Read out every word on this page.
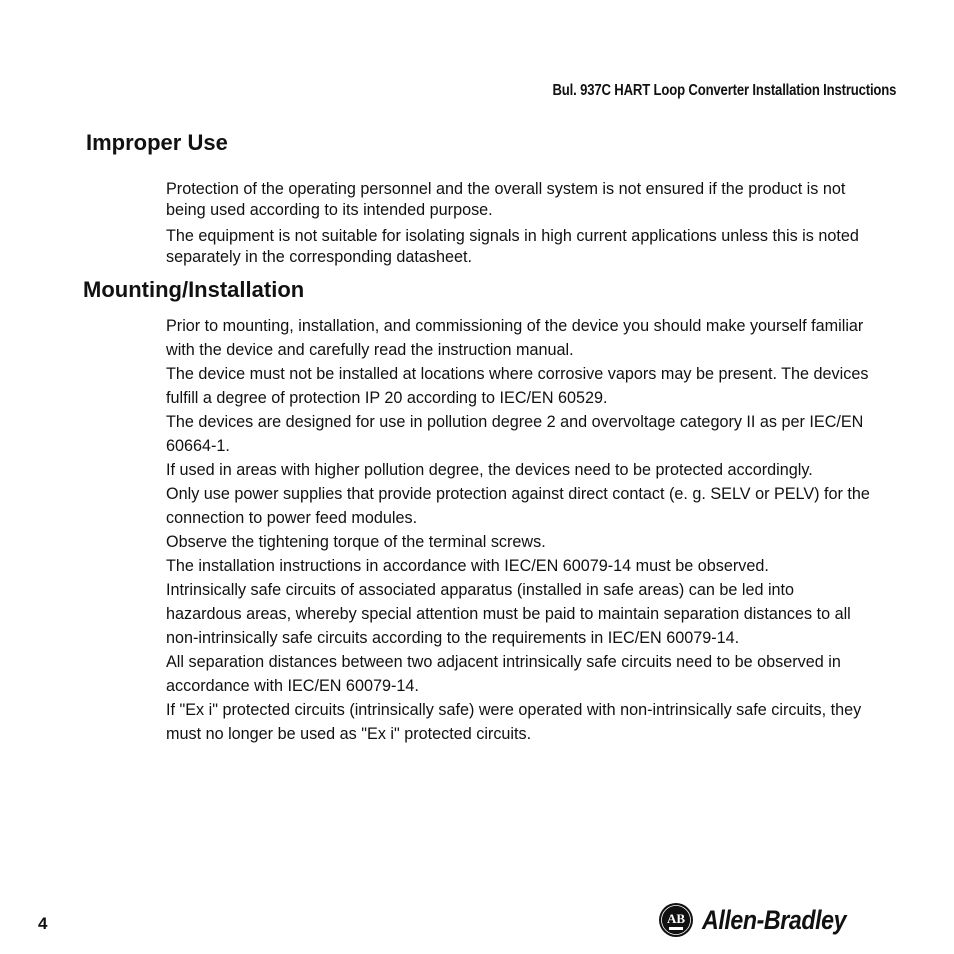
Bul. 937C HART Loop Converter Installation Instructions
Improper Use

Protection of the operating personnel and the overall system is not ensured if the product is not being used according to its intended purpose.

The equipment is not suitable for isolating signals in high current applications unless this is noted separately in the corresponding datasheet.

Mounting/Installation

Prior to mounting, installation, and commissioning of the device you should make yourself familiar with the device and carefully read the instruction manual.

The device must not be installed at locations where corrosive vapors may be present. The devices fulfill a degree of protection IP 20 according to IEC/EN 60529.

The devices are designed for use in pollution degree 2 and overvoltage category II as per IEC/EN 60664-1.

If used in areas with higher pollution degree, the devices need to be protected accordingly.

Only use power supplies that provide protection against direct contact (e. g. SELV or PELV) for the connection to power feed modules.

Observe the tightening torque of the terminal screws.

The installation instructions in accordance with IEC/EN 60079-14 must be observed.

Intrinsically safe circuits of associated apparatus (installed in safe areas) can be led into hazardous areas, whereby special attention must be paid to maintain separation distances to all non-intrinsically safe circuits according to the requirements in IEC/EN 60079-14.

All separation distances between two adjacent intrinsically safe circuits need to be observed in accordance with IEC/EN 60079-14.

If "Ex i" protected circuits (intrinsically safe) were operated with non-intrinsically safe circuits, they must no longer be used as "Ex i" protected circuits.

4	AB Allen-Bradley
